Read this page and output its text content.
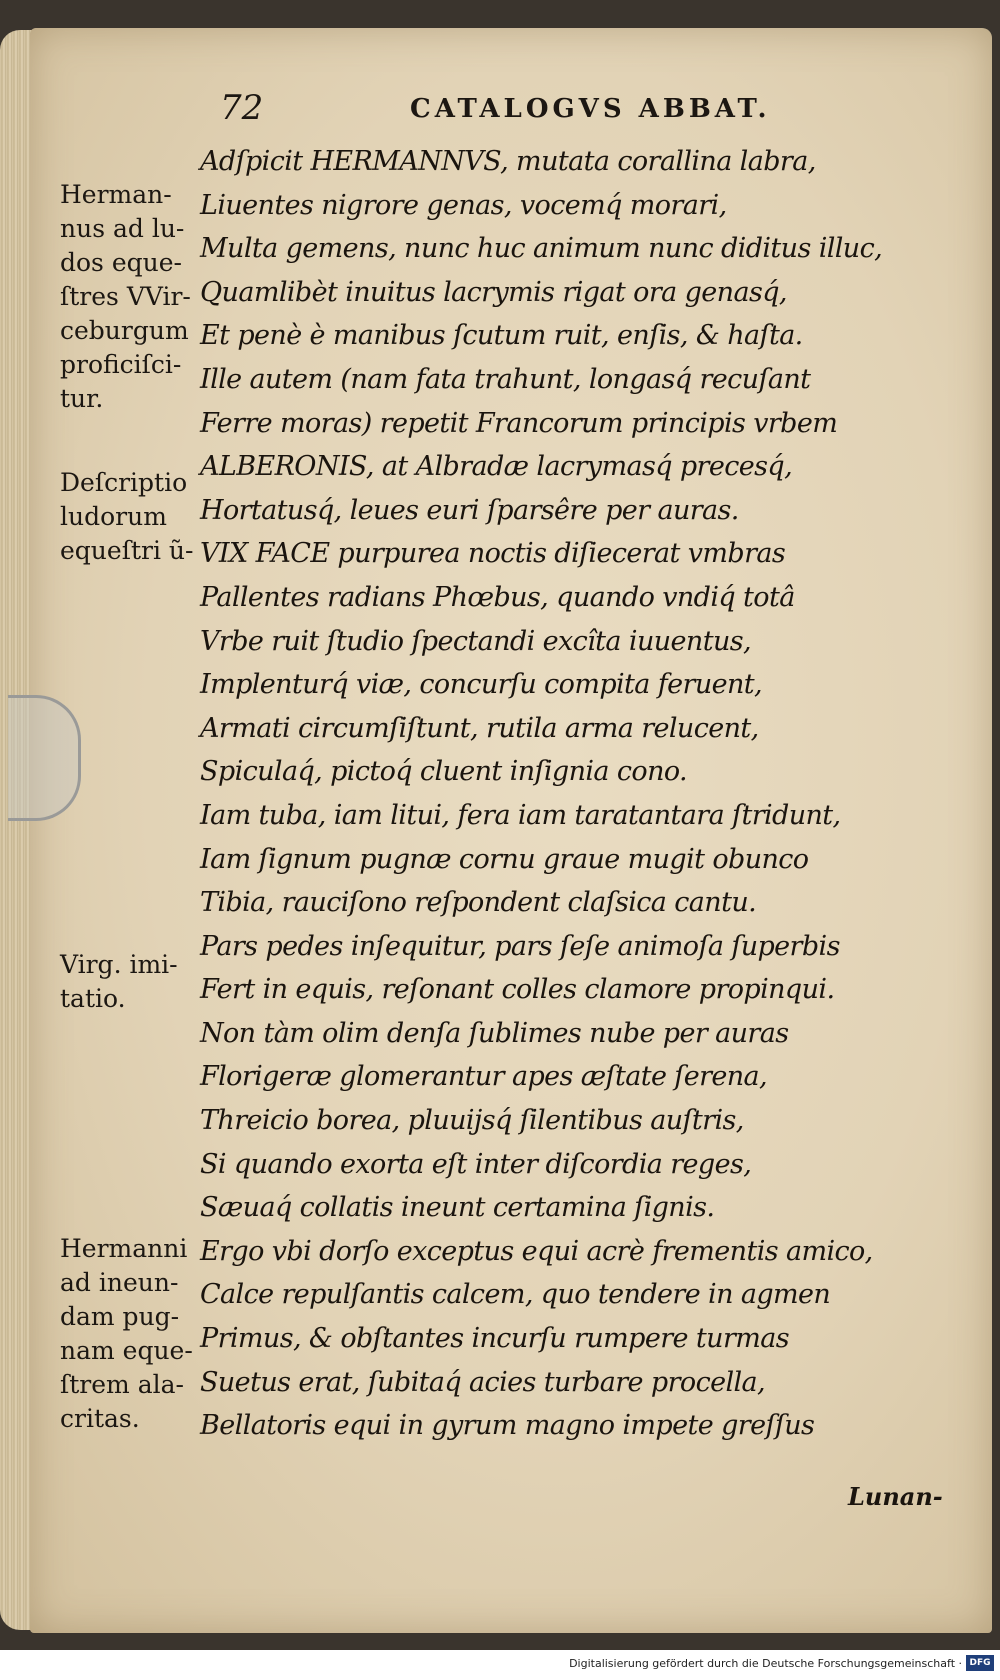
72	CATALOGVS ABBAT.
Adſpicit HERMANNVS, mutata corallina labra,
Liuentes nigrore genas, vocemq́ morari,
Multa gemens, nunc huc animum nunc diditus illuc,
Quamlibèt inuitus lacrymis rigat ora genasq́,
Et penè è manibus ſcutum ruit, enſis, & haſta.
Ille autem (nam fata trahunt, longasq́ recuſant
Ferre moras) repetit Francorum principis vrbem
ALBERONIS, at Albradæ lacrymasq́ precesq́,
Hortatusq́, leues euri ſparsêre per auras.
VIX FACE purpurea noctis diſiecerat vmbras
Pallentes radians Phœbus, quando vndiq́ totâ
Vrbe ruit ſtudio ſpectandi excîta iuuentus,
Implenturq́ viæ, concurſu compita feruent,
Armati circumſiſtunt, rutila arma relucent,
Spiculaq́, pictoq́ cluent inſignia cono.
Iam tuba, iam litui, fera iam taratantara ſtridunt,
Iam ſignum pugnæ cornu graue mugit obunco
Tibia, rauciſono reſpondent claſsica cantu.
Pars pedes inſequitur, pars ſeſe animoſa ſuperbis
Fert in equis, reſonant colles clamore propinqui.
Non tàm olim denſa ſublimes nube per auras
Florigeræ glomerantur apes æſtate ſerena,
Threicio borea, pluuijsq́ ſilentibus auſtris,
Si quando exorta eſt inter diſcordia reges,
Sæuaq́ collatis ineunt certamina ſignis.
Ergo vbi dorſo exceptus equi acrè frementis amico,
Calce repulſantis calcem, quo tendere in agmen
Primus, & obſtantes incurſu rumpere turmas
Suetus erat, ſubitaq́ acies turbare procella,
Bellatoris equi in gyrum magno impete greſſus
Herman-
nus ad lu-
dos eque-
ſtres VVir-
ceburgum
proficiſci-
tur.
Deſcriptio
ludorum
equeſtri ũ-
Virg. imi-
tatio.
Hermanni
ad ineun-
dam pug-
nam eque-
ſtrem ala-
critas.
Lunan-
Digitalisierung gefördert durch die Deutsche Forschungsgemeinschaft · DFG
